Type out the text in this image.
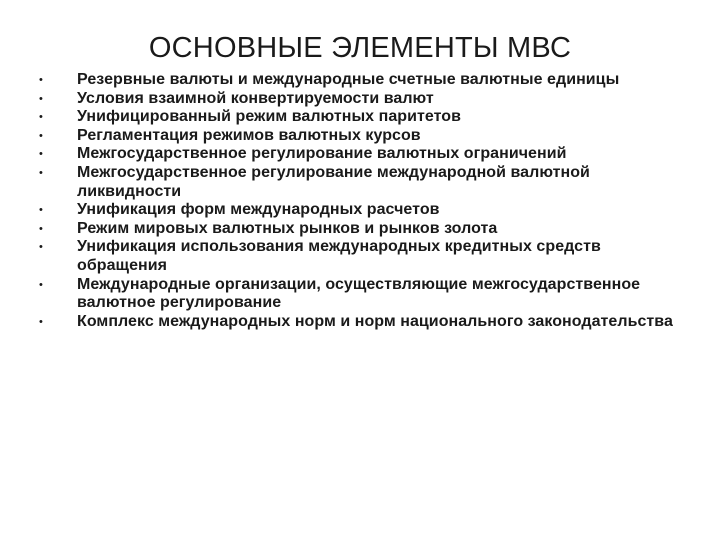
ОСНОВНЫЕ ЭЛЕМЕНТЫ МВС
•	Резервные валюты и международные счетные валютные единицы
•	Условия взаимной конвертируемости валют
•	Унифицированный режим валютных паритетов
•	Регламентация режимов валютных курсов
•	Межгосударственное регулирование валютных ограничений
•	Межгосударственное регулирование международной валютной ликвидности
•	Унификация форм международных расчетов
•	Режим мировых валютных рынков и рынков золота
•	Унификация использования международных кредитных средств обращения
•	Международные организации, осуществляющие межгосударственное валютное регулирование
•	Комплекс международных норм и норм национального законодательства
